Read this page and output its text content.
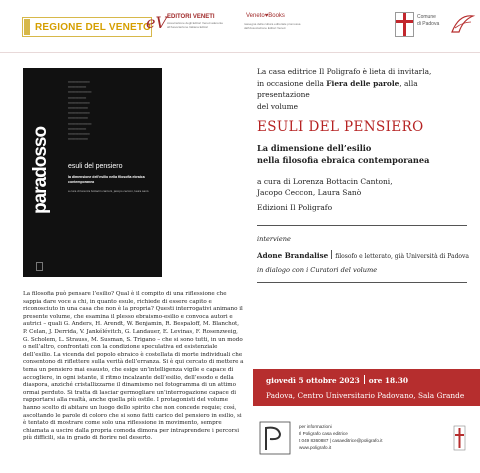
REGIONE DEL VENETO
eV EDITORI VENETI
Associazione degli Editori Veneti aderente all'Associazione Italiana Editori
Veneto♥Books
rassegna della cultura editoriale promossa dall'Associazione Editori Veneti
Comune
di Padova
━━━━━━━━━━━━
━━━━━━━━━━
━━━━━━━━━━━━━
━━━━━━━━━━
━━━━━━━━━━━━
━━━━━━━━━━━
━━━━━━━━━━━━
━━━━━━━━━━━
━━━━━━━━━━━━━
━━━━━━━━━━
━━━━━━━━━━━━
━━━━━━━━━━━
paradosso esuli del pensiero
la dimensione dell'esilio nella filosofia ebraica contemporanea
a cura di lorenza bottacin cantoni, jacopo ceccon, laura sanò
La casa editrice Il Poligrafo è lieta di invitarla,
in occasione della Fiera delle parole, alla presentazione
del volume
ESULI DEL PENSIERO
La dimensione dell’esilio
nella filosofia ebraica contemporanea
a cura di Lorenza Bottacin Cantoni,
Jacopo Ceccon, Laura Sanò
Edizioni Il Poligrafo
interviene
Adone Brandalise filosofo e letterato, già Università di Padova
in dialogo con i Curatori del volume
La filosofia può pensare l’esilio? Qual è il compito di una riflessione che sappia dare voce a chi, in quanto esule, richiede di essere capito e riconosciuto in una casa che non è la propria? Questi interrogativi animano il presente volume, che esamina il plesso ebraismo-esilio e convoca autori e autrici – quali G. Anders, H. Arendt, W. Benjamin, R. Bespaloff, M. Blanchot, P. Celan, J. Derrida, V. Jankélévitch, G. Landauer, E. Levinas, F. Rosenzweig, G. Scholem, L. Strauss, M. Susman, S. Trigano – che si sono tutti, in un modo o nell’altro, confrontati con la condizione speculativa ed esistenziale dell’esilio. La vicenda del popolo ebraico è costellata di morte individuali che consentono di riflettere sulla verità dell’erranza. Si è qui cercato di mettere a tema un pensiero mai esausto, che esige un’intelligenza vigile e capace di accogliere, in ogni istante, il ritmo incalzante dell’esilio, dell’esodo e della diaspora, anziché cristallizzarne il dinamismo nel fotogramma di un attimo ormai perduto. Si tratta di lasciar germogliare un’interrogazione capace di rapportarsi alla realtà, anche quella più ostile. I protagonisti del volume hanno scelto di abitare un luogo dello spirito che non concede requie; così, ascoltando le parole di coloro che si sono fatti carico del pensiero in esilio, si è tentato di mostrare come solo una riflessione in movimento, sempre chiamata a uscire dalla propria comoda dimora per intraprendere i percorsi più difficili, sia in grado di fiorire nel deserto.
giovedì 5 ottobre 2023 ore 18.30
Padova, Centro Universitario Padovano, Sala Grande
per informazioni
Il Poligrafo casa editrice
t 049 8360887 | casaeditrice@poligrafo.it
www.poligrafo.it
